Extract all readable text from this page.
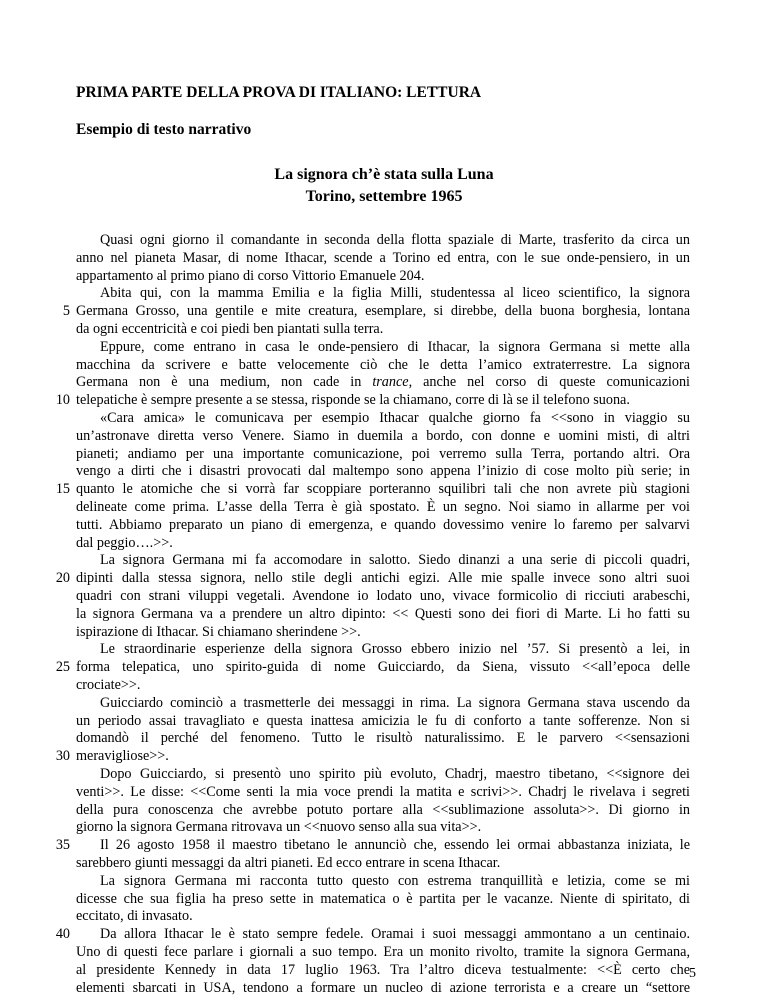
PRIMA PARTE DELLA PROVA DI ITALIANO: LETTURA
Esempio di testo narrativo
La signora ch’è stata sulla Luna
Torino, settembre 1965
Quasi ogni giorno il comandante in seconda della flotta spaziale di Marte, trasferito da circa un
anno nel pianeta Masar, di nome Ithacar, scende a Torino ed entra, con le sue onde-pensiero, in un
appartamento al primo piano di corso Vittorio Emanuele 204.
Abita qui, con la mamma Emilia e la figlia Milli, studentessa al liceo scientifico, la signora
Germana Grosso, una gentile e mite creatura, esemplare, si direbbe, della buona borghesia, lontana
5
da ogni eccentricità e coi piedi ben piantati sulla terra.
Eppure, come entrano in casa le onde-pensiero di Ithacar, la signora Germana si mette alla
macchina da scrivere e batte velocemente ciò che le detta l’amico extraterrestre. La signora
Germana non è una medium, non cade in trance, anche nel corso di queste comunicazioni
telepatiche è sempre presente a se stessa, risponde se la chiamano, corre di là se il telefono suona.
10
«Cara amica» le comunicava per esempio Ithacar qualche giorno fa <<sono in viaggio su
un’astronave diretta verso Venere. Siamo in duemila a bordo, con donne e uomini misti, di altri
pianeti; andiamo per una importante comunicazione, poi verremo sulla Terra, portando altri. Ora
vengo a dirti che i disastri provocati dal maltempo sono appena l’inizio di cose molto più serie; in
quanto le atomiche che si vorrà far scoppiare porteranno squilibri tali che non avrete più stagioni
15
delineate come prima. L’asse della Terra è già spostato. È un segno. Noi siamo in allarme per voi
tutti. Abbiamo preparato un piano di emergenza, e quando dovessimo venire lo faremo per salvarvi
dal peggio….>>.
La signora Germana mi fa accomodare in salotto. Siedo dinanzi a una serie di piccoli quadri,
dipinti dalla stessa signora, nello stile degli antichi egizi. Alle mie spalle invece sono altri suoi
20
quadri con strani viluppi vegetali. Avendone io lodato uno, vivace formicolio di ricciuti arabeschi,
la signora Germana va a prendere un altro dipinto: << Questi sono dei fiori di Marte. Li ho fatti su
ispirazione di Ithacar. Si chiamano sherindene >>.
Le straordinarie esperienze della signora Grosso ebbero inizio nel ’57. Si presentò a lei, in
forma telepatica, uno spirito-guida di nome Guicciardo, da Siena, vissuto <<all’epoca delle
25
crociate>>.
Guicciardo cominciò a trasmetterle dei messaggi in rima. La signora Germana stava uscendo da
un periodo assai travagliato e questa inattesa amicizia le fu di conforto a tante sofferenze. Non si
domandò il perché del fenomeno. Tutto le risultò naturalissimo. E le parvero <<sensazioni
meravigliose>>.
30
Dopo Guicciardo, si presentò uno spirito più evoluto, Chadrj, maestro tibetano, <<signore dei
venti>>. Le disse: <<Come senti la mia voce prendi la matita e scrivi>>. Chadrj le rivelava i segreti
della pura conoscenza che avrebbe potuto portare alla <<sublimazione assoluta>>. Di giorno in
giorno la signora Germana ritrovava un <<nuovo senso alla sua vita>>.
Il 26 agosto 1958 il maestro tibetano le annunciò che, essendo lei ormai abbastanza iniziata, le
35
sarebbero giunti messaggi da altri pianeti. Ed ecco entrare in scena Ithacar.
La signora Germana mi racconta tutto questo con estrema tranquillità e letizia, come se mi
dicesse che sua figlia ha preso sette in matematica o è partita per le vacanze. Niente di spiritato, di
eccitato, di invasato.
Da allora Ithacar le è stato sempre fedele. Oramai i suoi messaggi ammontano a un centinaio.
40
Uno di questi fece parlare i giornali a suo tempo. Era un monito rivolto, tramite la signora Germana,
al presidente Kennedy in data 17 luglio 1963. Tra l’altro diceva testualmente: <<È certo che
elementi sbarcati in USA, tendono a formare un nucleo di azione terrorista e a creare un “settore
5
